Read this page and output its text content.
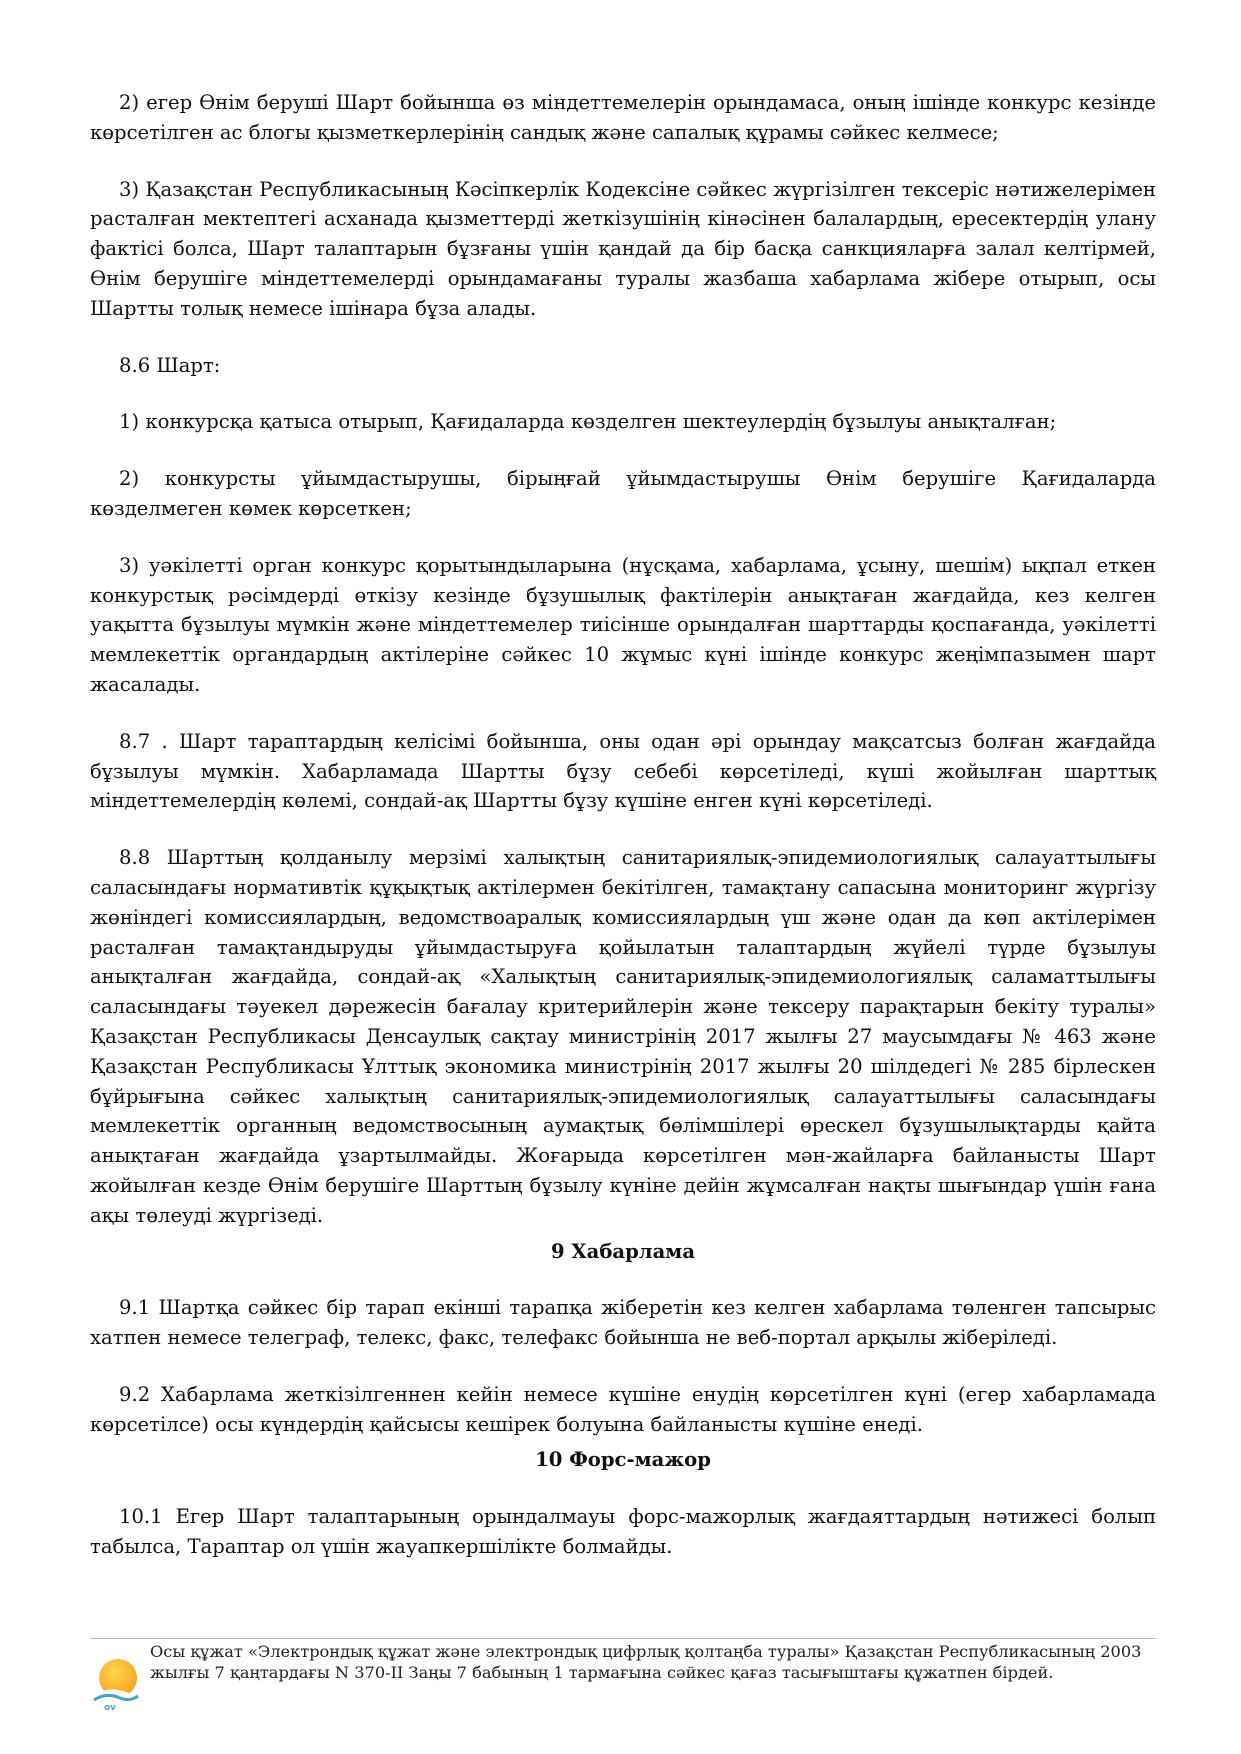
2) егер Өнім беруші Шарт бойынша өз міндеттемелерін орындамаса, оның ішінде конкурс кезінде көрсетілген ас блогы қызметкерлерінің сандық және сапалық құрамы сәйкес келмесе;

3) Қазақстан Республикасының Кәсіпкерлік Кодексіне сәйкес жүргізілген тексеріс нәтижелерімен расталған мектептегі асханада қызметтерді жеткізушінің кінәсінен балалардың, ересектердің улану фактісі болса, Шарт талаптарын бұзғаны үшін қандай да бір басқа санкцияларға залал келтірмей, Өнім берушіге міндеттемелерді орындамағаны туралы жазбаша хабарлама жібере отырып, осы Шартты толық немесе ішінара бұза алады.

8.6 Шарт:

1) конкурсқа қатыса отырып, Қағидаларда көзделген шектеулердің бұзылуы анықталған;

2) конкурсты ұйымдастырушы, бірыңғай ұйымдастырушы Өнім берушіге Қағидаларда көзделмеген көмек көрсеткен;

3) уәкілетті орган конкурс қорытындыларына (нұсқама, хабарлама, ұсыну, шешім) ықпал еткен конкурстық рәсімдерді өткізу кезінде бұзушылық фактілерін анықтаған жағдайда, кез келген уақытта бұзылуы мүмкін және міндеттемелер тиісінше орындалған шарттарды қоспағанда, уәкілетті мемлекеттік органдардың актілеріне сәйкес 10 жұмыс күні ішінде конкурс жеңімпазымен шарт жасалады.

8.7 . Шарт тараптардың келісімі бойынша, оны одан әрі орындау мақсатсыз болған жағдайда бұзылуы мүмкін. Хабарламада Шартты бұзу себебі көрсетіледі, күші жойылған шарттық міндеттемелердің көлемі, сондай-ақ Шартты бұзу күшіне енген күні көрсетіледі.

8.8 Шарттың қолданылу мерзімі халықтың санитариялық-эпидемиологиялық салауаттылығы саласындағы нормативтік құқықтық актілермен бекітілген, тамақтану сапасына мониторинг жүргізу жөніндегі комиссиялардың, ведомствоаралық комиссиялардың үш және одан да көп актілерімен расталған тамақтандыруды ұйымдастыруға қойылатын талаптардың жүйелі түрде бұзылуы анықталған жағдайда, сондай-ақ «Халықтың санитариялық-эпидемиологиялық саламаттылығы саласындағы тәуекел дәрежесін бағалау критерийлерін және тексеру парақтарын бекіту туралы» Қазақстан Республикасы Денсаулық сақтау министрінің 2017 жылғы 27 маусымдағы № 463 және Қазақстан Республикасы Ұлттық экономика министрінің 2017 жылғы 20 шілдедегі № 285 бірлескен бұйрығына сәйкес халықтың санитариялық-эпидемиологиялық салауаттылығы саласындағы мемлекеттік органның ведомствосының аумақтық бөлімшілері өрескел бұзушылықтарды қайта анықтаған жағдайда ұзартылмайды. Жоғарыда көрсетілген мән-жайларға байланысты Шарт жойылған кезде Өнім берушіге Шарттың бұзылу күніне дейін жұмсалған нақты шығындар үшін ғана ақы төлеуді жүргізеді.

9 Хабарлама

9.1 Шартқа сәйкес бір тарап екінші тарапқа жіберетін кез келген хабарлама төленген тапсырыс хатпен немесе телеграф, телекс, факс, телефакс бойынша не веб-портал арқылы жіберіледі.

9.2 Хабарлама жеткізілгеннен кейін немесе күшіне енудің көрсетілген күні (егер хабарламада көрсетілсе) осы күндердің қайсысы кешірек болуына байланысты күшіне енеді.

10 Форс-мажор

10.1 Егер Шарт талаптарының орындалмауы форс-мажорлық жағдаяттардың нәтижесі болып табылса, Тараптар ол үшін жауапкершілікте болмайды.

ov
Осы құжат «Электрондық құжат және электрондық цифрлық қолтаңба туралы» Қазақстан Республикасының 2003 жылғы 7 қаңтардағы N 370-II Заңы 7 бабының 1 тармағына сәйкес қағаз тасығыштағы құжатпен бірдей.
